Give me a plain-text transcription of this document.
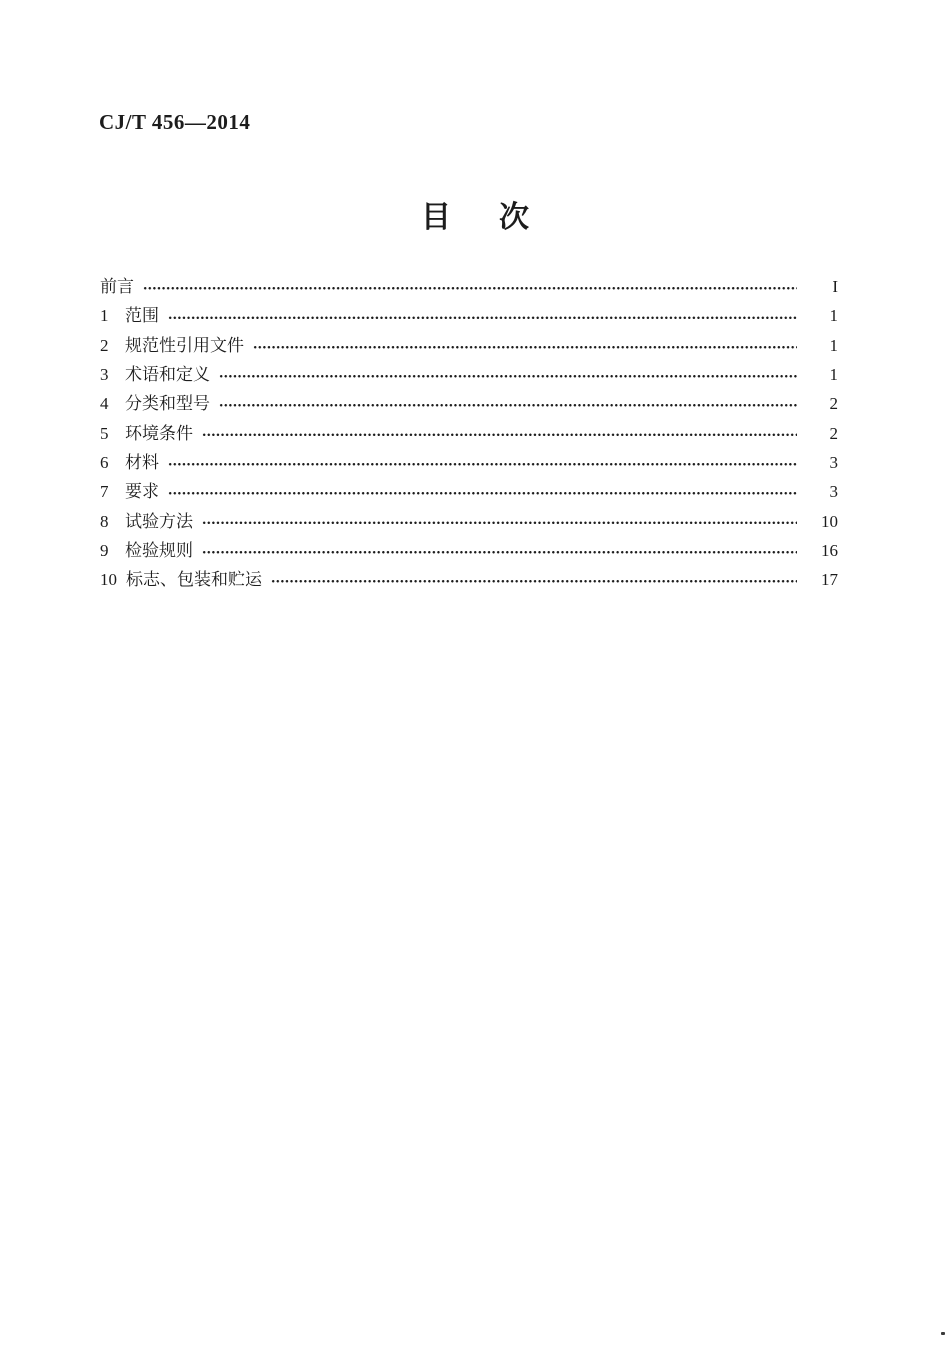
CJ/T 456—2014
目　次
前言	I
1 范围	1
2 规范性引用文件	1
3 术语和定义	1
4 分类和型号	2
5 环境条件	2
6 材料	3
7 要求	3
8 试验方法	10
9 检验规则	16
10 标志、包装和贮运	17
